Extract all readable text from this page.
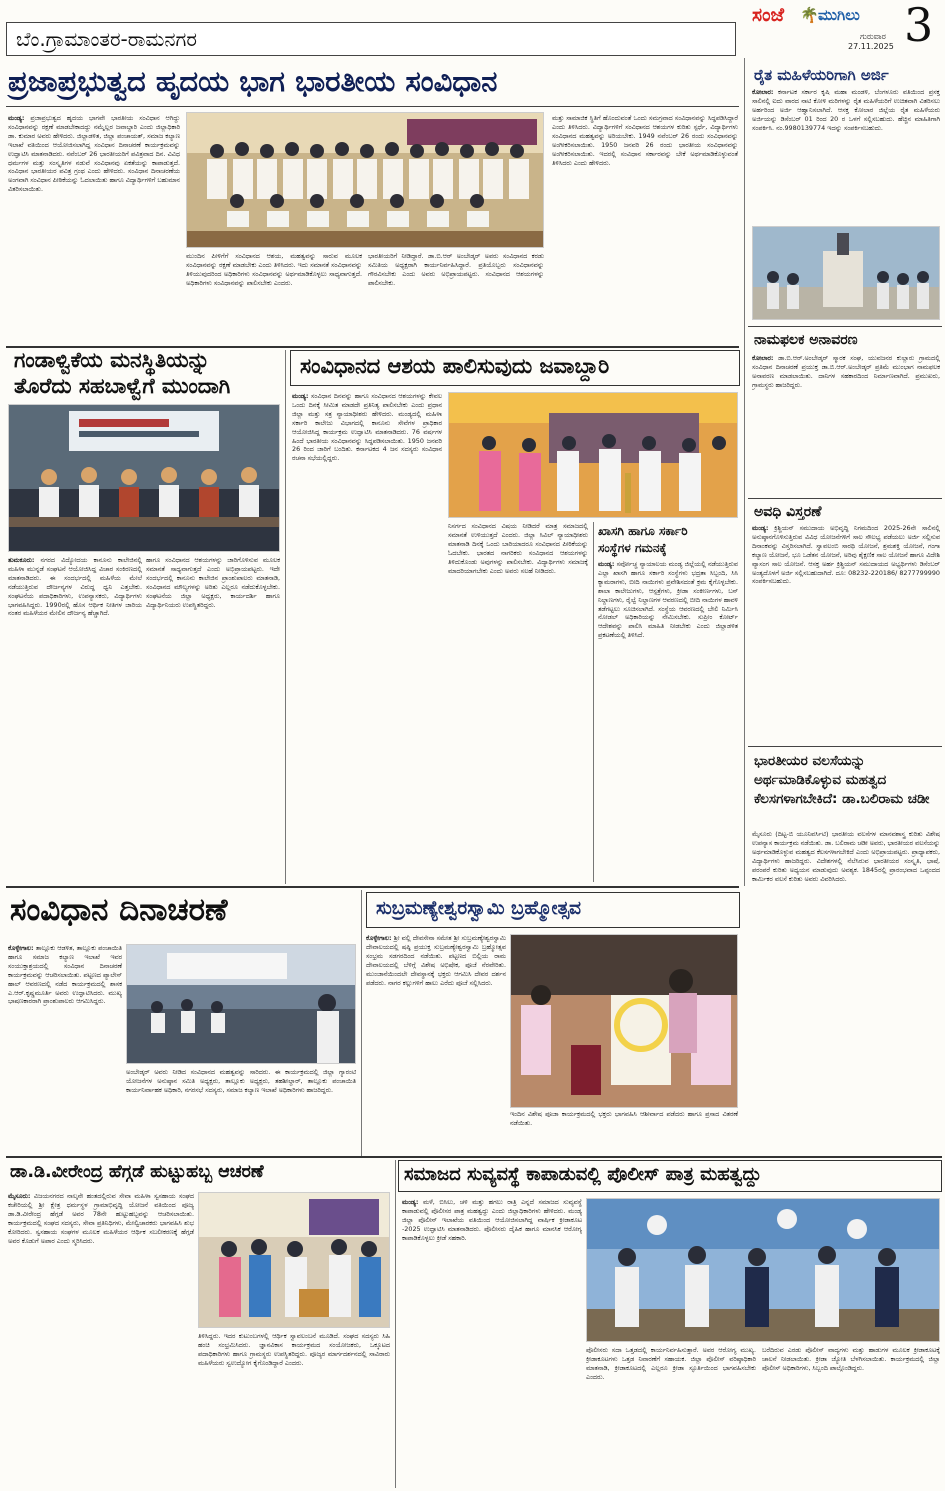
ಬೆಂ.ಗ್ರಾಮಾಂತರ-ರಾಮನಗರ
ಸಂಜೆ 🌴 ಮುಗಿಲು
ಗುರುವಾರ
27.11.2025 3
ಪ್ರಜಾಪ್ರಭುತ್ವದ ಹೃದಯ ಭಾಗ ಭಾರತೀಯ ಸಂವಿಧಾನ
ಮಂಡ್ಯ: ಪ್ರಜಾಪ್ರಭುತ್ವದ ಹೃದಯ ಭಾಗವೇ ಭಾರತೀಯ ಸಂವಿಧಾನ ಆಗಿದ್ದು ಸಂವಿಧಾನವನ್ನು ರಕ್ಷಣೆ ಮಾಡಬೇಕಾದದ್ದು ನಮ್ಮೆಲ್ಲರ ಜವಾಬ್ದಾರಿ ಎಂದು ಜಿಲ್ಲಾಧಿಕಾರಿ ಡಾ. ಕುಮಾರ ಅವರು ಹೇಳಿದರು. ಜಿಲ್ಲಾಡಳಿತ, ಜಿಲ್ಲಾ ಪಂಚಾಯತ್, ಸಮಾಜ ಕಲ್ಯಾಣ ಇಲಾಖೆ ವತಿಯಿಂದ ಆಯೋಜಿಸಲಾಗಿದ್ದ ಸಂವಿಧಾನ ದಿನಾಚರಣೆ ಕಾರ್ಯಕ್ರಮವನ್ನು ಉದ್ಘಾಟಿಸಿ ಮಾತನಾಡಿದರು. ನವೆಂಬರ್ 26 ಭಾರತೀಯರಿಗೆ ಪವಿತ್ರವಾದ ದಿನ. ವಿವಿಧ ಧರ್ಮಗಳ ಮತ್ತು ಸಂಸ್ಕೃತಿಗಳ ನಡುವೆ ಸಂವಿಧಾನವು ಏಕತೆಯನ್ನು ಕಾಪಾಡುತ್ತದೆ. ಸಂವಿಧಾನ ಭಾರತೀಯರ ಪವಿತ್ರ ಗ್ರಂಥ ಎಂದು ಹೇಳಿದರು. ಸಂವಿಧಾನ ದಿನಾಚರಣೆಯ ಅಂಗವಾಗಿ ಸಂವಿಧಾನ ಪೀಠಿಕೆಯನ್ನು ಓದಲಾಯಿತು ಹಾಗೂ ವಿದ್ಯಾರ್ಥಿಗಳಿಗೆ ಬಹುಮಾನ ವಿತರಿಸಲಾಯಿತು.
ಮುಂದಿನ ಪೀಳಿಗೆಗೆ ಸಂವಿಧಾನದ ಆಶಯ, ಮಹತ್ವವನ್ನು ಸಾರುವ ಮೂಲಕ ಸಂವಿಧಾನವನ್ನು ರಕ್ಷಣೆ ಮಾಡಬೇಕು ಎಂದು ತಿಳಿಸಿದರು. ಇದು ಸಮಾನತೆ ಸಂವಿಧಾನವನ್ನು ತಿಳಿಯುವುದರಿಂದ ಅಧಿಕಾರಿಗಳು ಸಂವಿಧಾನವನ್ನು ಅರ್ಥಮಾಡಿಕೊಳ್ಳಲು ಸಾಧ್ಯವಾಗುತ್ತದೆ. ಅಧಿಕಾರಿಗಳು ಸಂವಿಧಾನವನ್ನು ಪಾಲಿಸಬೇಕು ಎಂದರು.
ಭಾರತೀಯರಿಗೆ ನೀಡಿದ್ದಾರೆ. ಡಾ.ಬಿ.ಆರ್ ಅಂಬೇಡ್ಕರ್ ಅವರು ಸಂವಿಧಾನದ ಕರಡು ಸಮಿತಿಯ ಅಧ್ಯಕ್ಷರಾಗಿ ಕಾರ್ಯನಿರ್ವಹಿಸಿದ್ದಾರೆ. ಪ್ರತಿಯೊಬ್ಬರು ಸಂವಿಧಾನವನ್ನು ಗೌರವಿಸಬೇಕು ಎಂದು ಅವರು ಅಭಿಪ್ರಾಯಪಟ್ಟರು. ಸಂವಿಧಾನದ ಆಶಯಗಳನ್ನು ಪಾಲಿಸಬೇಕು.
ಮತ್ತು ಸಾಮಾಜಿಕ ಸ್ಥಿತಿಗೆ ಹೊಂದುವಂತೆ ಒಂದು ಸಮಗ್ರವಾದ ಸಂವಿಧಾನವನ್ನು ಸಿದ್ಧಪಡಿಸಿದ್ದಾರೆ ಎಂದು ತಿಳಿಸಿದರು. ವಿದ್ಯಾರ್ಥಿಗಳಿಗೆ ಸಂವಿಧಾನದ ಆಶಯಗಳ ಕುರಿತು ಸ್ಪರ್ಧೆ, ವಿದ್ಯಾರ್ಥಿಗಳು ಸಂವಿಧಾನದ ಮಹತ್ವವನ್ನು ಅರಿಯಬೇಕು. 1949 ನವೆಂಬರ್ 26 ರಂದು ಸಂವಿಧಾನವನ್ನು ಅಂಗೀಕರಿಸಲಾಯಿತು. 1950 ಜನವರಿ 26 ರಂದು ಭಾರತೀಯ ಸಂವಿಧಾನವನ್ನು ಅಂಗೀಕರಿಸಲಾಯಿತು. ಇದರಲ್ಲಿ ಸಂವಿಧಾನ ಸರ್ಕಾರವನ್ನು ಬೇಕೆ ಅರ್ಥಮಾಡಿಕೊಳ್ಳುವಂತೆ ತಿಳಿಸಿದರು ಎಂದು ಹೇಳಿದರು.
ರೈತ ಮಹಿಳೆಯರಿಗಾಗಿ ಅರ್ಜಿ
ಕೋಲಾರ: ಕರ್ನಾಟಕ ಸರ್ಕಾರ ಕೃಷಿ ಮಹಾ ಮಂಡಳಿ, ಬೆಂಗಳೂರು ವತಿಯಿಂದ ಪ್ರಸಕ್ತ ಸಾಲಿನಲ್ಲಿ ಐದು ವಾರದ ನಾಟಿ ಕೋಳಿ ಮರಿಗಳನ್ನು ರೈತ ಮಹಿಳೆಯರಿಗೆ ಉಚಿತವಾಗಿ ವಿತರಿಸಲು ಅರ್ಹರಿಂದ ಅರ್ಜಿ ಆಹ್ವಾನಿಸಲಾಗಿದೆ. ಆಸಕ್ತ ಕೋಲಾರ ಜಿಲ್ಲೆಯ ರೈತ ಮಹಿಳೆಯರು ಅರ್ಜಿಯನ್ನು ಡಿಸೆಂಬರ್ 01 ರಿಂದ 20 ರ ಒಳಗೆ ಸಲ್ಲಿಸಬಹುದು. ಹೆಚ್ಚಿನ ಮಾಹಿತಿಗಾಗಿ ಸಂಪರ್ಕಿಸಿ. ನಂ.9980139774 ಇದನ್ನು ಸಂಪರ್ಕಿಸಬಹುದು.
ನಾಮಫಲಕ ಅನಾವರಣ
ಕೋಲಾರ: ಡಾ.ಬಿ.ಆರ್.ಅಂಬೇಡ್ಕರ್ ಸ್ಮಾರಕ ಸಂಘ, ಯುವಜನರ ಕುಲ್ಲಾರು ಗ್ರಾಮದಲ್ಲಿ ಸಂವಿಧಾನ ದಿನಾಚರಣೆ ಪ್ರಯುಕ್ತ ಡಾ.ಬಿ.ಆರ್.ಅಂಬೇಡ್ಕರ್ ಪ್ರತಿಮೆ ಮುಂಭಾಗ ನಾಮಫಲಕ ಅನಾವರಣ ಮಾಡಲಾಯಿತು. ದಾನಿಗಳ ಸಹಕಾರದಿಂದ ನಿರ್ಮಾಣವಾಗಿದೆ. ಪ್ರಮುಖರು, ಗ್ರಾಮಸ್ಥರು ಹಾಜರಿದ್ದರು.
ಅವಧಿ ವಿಸ್ತರಣೆ
ಮಂಡ್ಯ: ಕ್ರಿಶ್ಚಿಯನ್ ಸಮುದಾಯ ಅಭಿವೃದ್ಧಿ ನಿಗಮದಿಂದ 2025-26ನೇ ಸಾಲಿನಲ್ಲಿ ಅನುಷ್ಠಾನಗೊಳಿಸುತ್ತಿರುವ ವಿವಿಧ ಯೋಜನೆಗಳಿಗೆ ಸಾಲ ಸೌಲಭ್ಯ ಪಡೆಯಲು ಅರ್ಜಿ ಸಲ್ಲಿಸುವ ದಿನಾಂಕವನ್ನು ವಿಸ್ತರಿಸಲಾಗಿದೆ. ಸ್ವಾವಲಂಬಿ ಸಾರಥಿ ಯೋಜನೆ, ಶ್ರಮಶಕ್ತಿ ಯೋಜನೆ, ಗಂಗಾ ಕಲ್ಯಾಣ ಯೋಜನೆ, ಭೂ ಒಡೆತನ ಯೋಜನೆ, ಅರಿವು ಶೈಕ್ಷಣಿಕ ಸಾಲ ಯೋಜನೆ ಹಾಗೂ ವಿದೇಶಿ ವ್ಯಾಸಂಗ ಸಾಲ ಯೋಜನೆ. ಆಸಕ್ತ ಅರ್ಹ ಕ್ರಿಶ್ಚಿಯನ್ ಸಮುದಾಯದ ಅಭ್ಯರ್ಥಿಗಳು ಡಿಸೆಂಬರ್ ಅಂತ್ಯದೊಳಗೆ ಅರ್ಜಿ ಸಲ್ಲಿಸಬಹುದಾಗಿದೆ. ದೂ: 08232-220186/ 8277799990 ಸಂಪರ್ಕಿಸಬಹುದು.
ಭಾರತೀಯರ ವಲಸೆಯನ್ನು ಅರ್ಥಮಾಡಿಕೊಳ್ಳುವ ಮಹತ್ವದ ಕೆಲಸಗಳಾಗಬೇಕಿದೆ: ಡಾ.ಬಲಿರಾಮ ಚಡೀ
ಮೈಸೂರು (ದಿಟ್ಟ-ಬಿ ಯೂನಿವರ್ಸಿಟಿ) ಭಾರತೀಯ ವಲಸೆಗಳ ಮಾನವಶಾಸ್ತ್ರ ಕುರಿತು ವಿಶೇಷ ಉಪನ್ಯಾಸ ಕಾರ್ಯಕ್ರಮ ನಡೆಯಿತು. ಡಾ. ಬಲಿರಾಮ ಚಡೀ ಅವರು, ಭಾರತೀಯರ ವಲಸೆಯನ್ನು ಅರ್ಥಮಾಡಿಕೊಳ್ಳುವ ಮಹತ್ವದ ಕೆಲಸಗಳಾಗಬೇಕಿದೆ ಎಂದು ಅಭಿಪ್ರಾಯಪಟ್ಟರು. ಪ್ರಾಧ್ಯಾಪಕರು, ವಿದ್ಯಾರ್ಥಿಗಳು ಹಾಜರಿದ್ದರು. ವಿದೇಶಗಳಲ್ಲಿ ನೆಲೆಸಿರುವ ಭಾರತೀಯರ ಸಂಸ್ಕೃತಿ, ಭಾಷೆ, ಪರಂಪರೆ ಕುರಿತು ಅಧ್ಯಯನ ಮಾಡುವುದು ಅವಶ್ಯಕ. 1845ರಲ್ಲಿ ಪ್ರಾರಂಭವಾದ ಒಪ್ಪಂದದ ಕಾರ್ಮಿಕರ ವಲಸೆ ಕುರಿತು ಅವರು ವಿವರಿಸಿದರು.
ಗಂಡಾಳ್ವಿಕೆಯ ಮನಸ್ಥಿತಿಯನ್ನು
ತೊರೆದು ಸಹಬಾಳ್ವೆಗೆ ಮುಂದಾಗಿ
ತುಮಕೂರು: ನಗರದ ವಿದ್ಯೋದಯ ಕಾನೂನು ಕಾಲೇಜಿನಲ್ಲಿ ಮಹಿಳಾ ಮುನ್ನಡೆ ಸಂಘಟನೆ ಆಯೋಜಿಸಿದ್ದ ವಿಚಾರ ಸಂಕಿರಣದಲ್ಲಿ ಮಾತನಾಡಿದರು. ಈ ಸಂದರ್ಭದಲ್ಲಿ ಮಹಿಳೆಯ ಮೇಲೆ ನಡೆಯುತ್ತಿರುವ ದೌರ್ಜನ್ಯಗಳ ವಿರುದ್ಧ ಧ್ವನಿ ಎತ್ತಬೇಕು. ಸಂಘಟನೆಯ ಪದಾಧಿಕಾರಿಗಳು, ಉಪನ್ಯಾಸಕರು, ವಿದ್ಯಾರ್ಥಿಗಳು ಭಾಗವಹಿಸಿದ್ದರು. 1990ರಲ್ಲಿ ಹೊಸ ಆರ್ಥಿಕ ನೀತಿಗಳ ಜಾರಿಯ ನಂತರ ಮಹಿಳೆಯರ ಮೇಲಿನ ದೌರ್ಜನ್ಯ ಹೆಚ್ಚಾಗಿದೆ.
ಹಾಗೂ ಸಂವಿಧಾನದ ಆಶಯಗಳನ್ನು ಜಾರಿಗೊಳಿಸುವ ಮೂಲಕ ಸಮಾನತೆ ಸಾಧ್ಯವಾಗುತ್ತದೆ ಎಂದು ಅಭಿಪ್ರಾಯಪಟ್ಟರು. ಇದೇ ಸಂದರ್ಭದಲ್ಲಿ ಕಾನೂನು ಕಾಲೇಜಿನ ಪ್ರಾಂಶುಪಾಲರು ಮಾತನಾಡಿ, ಸಂವಿಧಾನದ ಮೌಲ್ಯಗಳನ್ನು ಅರಿತು ಎಲ್ಲರೂ ನಡೆದುಕೊಳ್ಳಬೇಕು. ಸಂಘಟನೆಯ ಜಿಲ್ಲಾ ಅಧ್ಯಕ್ಷರು, ಕಾರ್ಯದರ್ಶಿ ಹಾಗೂ ವಿದ್ಯಾರ್ಥಿನಿಯರು ಉಪಸ್ಥಿತರಿದ್ದರು.
ಸಂವಿಧಾನದ ಆಶಯ ಪಾಲಿಸುವುದು ಜವಾಬ್ದಾರಿ
ಮಂಡ್ಯ: ಸಂವಿಧಾನ ದಿನವನ್ನು ಹಾಗೂ ಸಂವಿಧಾನದ ಆಶಯಗಳನ್ನು ಕೇವಲ ಒಂದು ದಿನಕ್ಕೆ ಸೀಮಿತ ಮಾಡದೇ ಪ್ರತಿನಿತ್ಯ ಪಾಲಿಸಬೇಕು ಎಂದು ಪ್ರಧಾನ ಜಿಲ್ಲಾ ಮತ್ತು ಸತ್ರ ನ್ಯಾಯಾಧೀಶರು ಹೇಳಿದರು. ಮಂಡ್ಯದಲ್ಲಿ ಮಹಿಳಾ ಸರ್ಕಾರಿ ಕಾಲೇಜು ವಿಭಾಗದಲ್ಲಿ ಕಾನೂನು ಸೇವೆಗಳ ಪ್ರಾಧಿಕಾರ ಆಯೋಜಿಸಿದ್ದ ಕಾರ್ಯಕ್ರಮ ಉದ್ಘಾಟಿಸಿ ಮಾತನಾಡಿದರು. 76 ವರ್ಷಗಳ ಹಿಂದೆ ಭಾರತೀಯ ಸಂವಿಧಾನವನ್ನು ಸಿದ್ಧಪಡಿಸಲಾಯಿತು. 1950 ಜನವರಿ 26 ರಿಂದ ಜಾರಿಗೆ ಬಂದಿತು. ಕರ್ನಾಟಕದ 4 ಜನ ಸದಸ್ಯರು ಸಂವಿಧಾನ ರಚನಾ ಸಭೆಯಲ್ಲಿದ್ದರು.
ನಿಸರ್ಗದ ಸಂವಿಧಾನದ ವಿಷಯ ನೀಡಿದರೆ ಮಾತ್ರ ಸಮಾಜದಲ್ಲಿ ಸಮಾನತೆ ಉಳಿಯುತ್ತದೆ ಎಂದರು. ಜಿಲ್ಲಾ ಸಿವಿಲ್ ನ್ಯಾಯಾಧೀಶರು ಮಾತನಾಡಿ ದಿನಕ್ಕೆ ಒಂದು ಬಾರಿಯಾದರೂ ಸಂವಿಧಾನದ ಪೀಠಿಕೆಯನ್ನು ಓದಬೇಕು. ಭಾರತದ ನಾಗರಿಕರು ಸಂವಿಧಾನದ ಆಶಯಗಳನ್ನು ತಿಳಿದುಕೊಂಡು ಅವುಗಳನ್ನು ಪಾಲಿಸಬೇಕು. ವಿದ್ಯಾರ್ಥಿಗಳು ಸಮಾಜಕ್ಕೆ ಮಾದರಿಯಾಗಬೇಕು ಎಂದು ಅವರು ಸಲಹೆ ನೀಡಿದರು.
ಖಾಸಗಿ ಹಾಗೂ ಸರ್ಕಾರಿ
ಸಂಸ್ಥೆಗಳ ಗಮನಕ್ಕೆ
ಮಂಡ್ಯ: ಸರ್ವೋಚ್ಚ ನ್ಯಾಯಾಲಯ ಮಂಡ್ಯ ಜಿಲ್ಲೆಯಲ್ಲಿ ನಡೆಯುತ್ತಿರುವ ಎಲ್ಲಾ ಖಾಸಗಿ ಹಾಗೂ ಸರ್ಕಾರಿ ಸಂಸ್ಥೆಗಳು ಭದ್ರತಾ ಸಿಬ್ಬಂದಿ, ಸಿಸಿ ಕ್ಯಾಮರಾಗಳು, ಬೀದಿ ನಾಯಿಗಳು ಪ್ರವೇಶಿಸದಂತೆ ಕ್ರಮ ಕೈಗೊಳ್ಳಬೇಕು. ಶಾಲಾ ಕಾಲೇಜುಗಳು, ಆಸ್ಪತ್ರೆಗಳು, ಕ್ರೀಡಾ ಸಂಕೀರ್ಣಗಳು, ಬಸ್ ನಿಲ್ದಾಣಗಳು, ರೈಲ್ವೆ ನಿಲ್ದಾಣಗಳ ಆವರಣದಲ್ಲಿ ಬೀದಿ ನಾಯಿಗಳ ಹಾವಳಿ ತಡೆಗಟ್ಟಲು ಸೂಚಿಸಲಾಗಿದೆ. ಸಂಸ್ಥೆಯ ಆವರಣದಲ್ಲಿ ಬೇಲಿ ನಿರ್ಮಿಸಿ ನೋಡಲ್ ಅಧಿಕಾರಿಯನ್ನು ನೇಮಿಸಬೇಕು. ಸುಪ್ರೀಂ ಕೋರ್ಟ್ ಆದೇಶವನ್ನು ಪಾಲಿಸಿ ಮಾಹಿತಿ ನೀಡಬೇಕು ಎಂದು ಜಿಲ್ಲಾಡಳಿತ ಪ್ರಕಟಣೆಯಲ್ಲಿ ತಿಳಿಸಿದೆ.
ಸಂವಿಧಾನ ದಿನಾಚರಣೆ
ಕೊಳ್ಳೇಗಾಲ: ತಾಲ್ಲೂಕು ಆಡಳಿತ, ತಾಲ್ಲೂಕು ಪಂಚಾಯಿತಿ ಹಾಗೂ ಸಮಾಜ ಕಲ್ಯಾಣ ಇಲಾಖೆ ಇವರ ಸಂಯುಕ್ತಾಶ್ರಯದಲ್ಲಿ ಸಂವಿಧಾನ ದಿನಾಚರಣೆ ಕಾರ್ಯಕ್ರಮವನ್ನು ಆಚರಿಸಲಾಯಿತು. ಪಟ್ಟಣದ ಪ್ಯಾಲೇಸ್ ಹಾಲ್ ಆವರಣದಲ್ಲಿ ನಡೆದ ಕಾರ್ಯಕ್ರಮದಲ್ಲಿ ಶಾಸಕ ಎ.ಆರ್.ಕೃಷ್ಣಮೂರ್ತಿ ಅವರು ಉದ್ಘಾಟಿಸಿದರು. ಮುಖ್ಯ ಭಾಷಣಕಾರರಾಗಿ ಪ್ರಾಂಶುಪಾಲರು ಆಗಮಿಸಿದ್ದರು.
ಅಂಬೇಡ್ಕರ್ ಅವರು ನೀಡಿದ ಸಂವಿಧಾನದ ಮಹತ್ವವನ್ನು ಸಾರಿದರು. ಈ ಕಾರ್ಯಕ್ರಮದಲ್ಲಿ ಜಿಲ್ಲಾ ಗ್ಯಾರಂಟಿ ಯೋಜನೆಗಳ ಅನುಷ್ಠಾನ ಸಮಿತಿ ಅಧ್ಯಕ್ಷರು, ತಾಲ್ಲೂಕು ಅಧ್ಯಕ್ಷರು, ತಹಶೀಲ್ದಾರ್, ತಾಲ್ಲೂಕು ಪಂಚಾಯಿತಿ ಕಾರ್ಯನಿರ್ವಾಹಕ ಅಧಿಕಾರಿ, ನಗರಸಭೆ ಸದಸ್ಯರು, ಸಮಾಜ ಕಲ್ಯಾಣ ಇಲಾಖೆ ಅಧಿಕಾರಿಗಳು ಹಾಜರಿದ್ದರು.
ಸುಬ್ರಮಣ್ಯೇಶ್ವರಸ್ವಾಮಿ ಬ್ರಹ್ಮೋತ್ಸವ
ಕೊಳ್ಳೇಗಾಲ: ಶ್ರೀ ವಲ್ಲಿ ದೇವಸೇನಾ ಸಮೇತ ಶ್ರೀ ಸುಬ್ರಮಣ್ಯೇಶ್ವರಸ್ವಾಮಿ ದೇವಾಲಯದಲ್ಲಿ ಷಷ್ಠಿ ಪ್ರಯುಕ್ತ ಸುಬ್ರಮಣ್ಯೇಶ್ವರಸ್ವಾಮಿ ಬ್ರಹ್ಮೋತ್ಸವ ಸಂಭ್ರಮ ಸಡಗರದಿಂದ ನಡೆಯಿತು. ಪಟ್ಟಣದ ಬಿಲ್ಲಿಯ ರಾಮ ದೇವಾಲಯದಲ್ಲಿ ಬೆಳಿಗ್ಗೆ ವಿಶೇಷ ಅಭಿಷೇಕ, ಪೂಜೆ ನೆರವೇರಿತು. ಮುಂಜಾನೆಯಿಂದಲೇ ದೇವಸ್ಥಾನಕ್ಕೆ ಭಕ್ತರು ಆಗಮಿಸಿ ದೇವರ ದರ್ಶನ ಪಡೆದರು. ನಾಗರ ಕಲ್ಲುಗಳಿಗೆ ಹಾಲು ಎರೆದು ಪೂಜೆ ಸಲ್ಲಿಸಿದರು.
ಇಂದಿನ ವಿಶೇಷ ಪೂಜಾ ಕಾರ್ಯಕ್ರಮದಲ್ಲಿ ಭಕ್ತರು ಭಾಗವಹಿಸಿ ಆಶೀರ್ವಾದ ಪಡೆದರು ಹಾಗೂ ಪ್ರಸಾದ ವಿತರಣೆ ನಡೆಯಿತು.
ಡಾ.ಡಿ.ವೀರೇಂದ್ರ ಹೆಗ್ಗಡೆ ಹುಟ್ಟುಹಬ್ಬ ಆಚರಣೆ
ಮೈಸೂರು: ವಿಜಯನಗರದ ನಾಲ್ಕನೇ ಹಂತದಲ್ಲಿರುವ ಸೇವಾ ಮಹಿಳಾ ಸ್ವಸಹಾಯ ಸಂಘದ ಕಚೇರಿಯಲ್ಲಿ ಶ್ರೀ ಕ್ಷೇತ್ರ ಧರ್ಮಸ್ಥಳ ಗ್ರಾಮಾಭಿವೃದ್ಧಿ ಯೋಜನೆ ವತಿಯಿಂದ ಪೂಜ್ಯ ಡಾ.ಡಿ.ವೀರೇಂದ್ರ ಹೆಗ್ಗಡೆ ಅವರ 78ನೇ ಹುಟ್ಟುಹಬ್ಬವನ್ನು ಆಚರಿಸಲಾಯಿತು. ಕಾರ್ಯಕ್ರಮದಲ್ಲಿ ಸಂಘದ ಸದಸ್ಯರು, ಸೇವಾ ಪ್ರತಿನಿಧಿಗಳು, ಮೇಲ್ವಿಚಾರಕರು ಭಾಗವಹಿಸಿ ಶುಭ ಕೋರಿದರು. ಸ್ವಸಹಾಯ ಸಂಘಗಳ ಮೂಲಕ ಮಹಿಳೆಯರ ಆರ್ಥಿಕ ಸಬಲೀಕರಣಕ್ಕೆ ಹೆಗ್ಗಡೆ ಅವರ ಕೊಡುಗೆ ಅಪಾರ ಎಂದು ಸ್ಮರಿಸಿದರು.
ತಿಳಿಸಿದ್ದರು. ಇದರ ಕುಟುಂಬಗಳಲ್ಲಿ ಆರ್ಥಿಕ ಸ್ವಾವಲಂಬನೆ ಮೂಡಿದೆ. ಸಂಘದ ಸದಸ್ಯರು ಸಿಹಿ ಹಂಚಿ ಸಂಭ್ರಮಿಸಿದರು. ಜ್ಞಾನವಿಕಾಸ ಕಾರ್ಯಕ್ರಮದ ಸಂಯೋಜಕರು, ಒಕ್ಕೂಟದ ಪದಾಧಿಕಾರಿಗಳು ಹಾಗೂ ಗ್ರಾಮಸ್ಥರು ಉಪಸ್ಥಿತರಿದ್ದರು. ಪೂಜ್ಯರ ಮಾರ್ಗದರ್ಶನದಲ್ಲಿ ಸಾವಿರಾರು ಮಹಿಳೆಯರು ಸ್ವಉದ್ಯೋಗ ಕೈಗೊಂಡಿದ್ದಾರೆ ಎಂದರು.
ಸಮಾಜದ ಸುವ್ಯವಸ್ಥೆ ಕಾಪಾಡುವಲ್ಲಿ ಪೊಲೀಸ್ ಪಾತ್ರ ಮಹತ್ವದ್ದು
ಮಂಡ್ಯ: ಮಳೆ, ಬಿಸಿಲು, ಚಳಿ ಮತ್ತು ಹಗಲು ರಾತ್ರಿ ಎನ್ನದೆ ಸಮಾಜದ ಸುವ್ಯವಸ್ಥೆ ಕಾಪಾಡುವಲ್ಲಿ ಪೊಲೀಸರ ಪಾತ್ರ ಮಹತ್ವದ್ದು ಎಂದು ಜಿಲ್ಲಾಧಿಕಾರಿಗಳು ಹೇಳಿದರು. ಮಂಡ್ಯ ಜಿಲ್ಲಾ ಪೊಲೀಸ್ ಇಲಾಖೆಯ ವತಿಯಿಂದ ಆಯೋಜಿಸಲಾಗಿದ್ದ ವಾರ್ಷಿಕ ಕ್ರೀಡಾಕೂಟ -2025 ಉದ್ಘಾಟಿಸಿ ಮಾತನಾಡಿದರು. ಪೊಲೀಸರು ದೈಹಿಕ ಹಾಗೂ ಮಾನಸಿಕ ಆರೋಗ್ಯ ಕಾಪಾಡಿಕೊಳ್ಳಲು ಕ್ರೀಡೆ ಸಹಕಾರಿ.
ಪೊಲೀಸರು ಸದಾ ಒತ್ತಡದಲ್ಲಿ ಕಾರ್ಯನಿರ್ವಹಿಸುತ್ತಾರೆ. ಅವರ ಆರೋಗ್ಯ ಮುಖ್ಯ. ಕ್ರೀಡಾಕೂಟಗಳು ಒತ್ತಡ ನಿವಾರಣೆಗೆ ಸಹಾಯಕ. ಜಿಲ್ಲಾ ಪೊಲೀಸ್ ವರಿಷ್ಠಾಧಿಕಾರಿ ಮಾತನಾಡಿ, ಕ್ರೀಡಾಕೂಟದಲ್ಲಿ ಎಲ್ಲರೂ ಕ್ರೀಡಾ ಸ್ಫೂರ್ತಿಯಿಂದ ಭಾಗವಹಿಸಬೇಕು ಎಂದರು.
ಬರೆದಿರುವ ಎರಡು ಪೊಲೀಸ್ ವಾದ್ಯಗಳು ಮತ್ತು ಹಾಡುಗಳ ಮೂಲಕ ಕ್ರೀಡಾಕೂಟಕ್ಕೆ ಚಾಲನೆ ನೀಡಲಾಯಿತು. ಕ್ರೀಡಾ ಜ್ಯೋತಿ ಬೆಳಗಿಸಲಾಯಿತು. ಕಾರ್ಯಕ್ರಮದಲ್ಲಿ ಜಿಲ್ಲಾ ಪೊಲೀಸ್ ಅಧಿಕಾರಿಗಳು, ಸಿಬ್ಬಂದಿ ಪಾಲ್ಗೊಂಡಿದ್ದರು.
